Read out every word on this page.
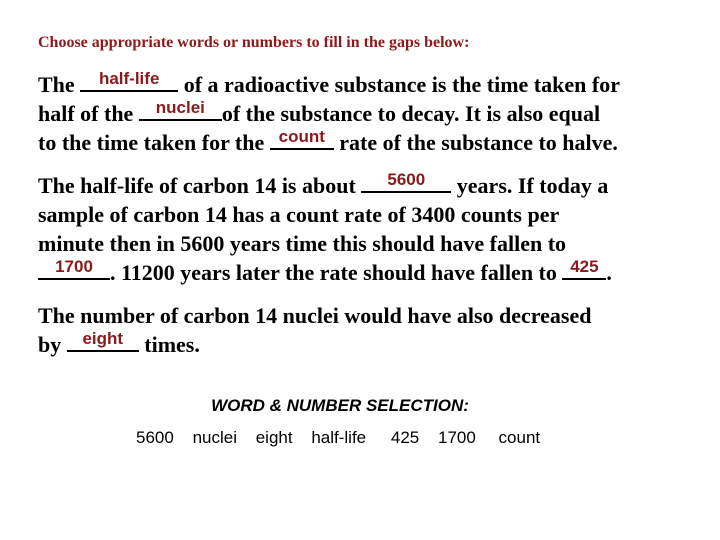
Choose appropriate words or numbers to fill in the gaps below:
The	half-life of a radioactive substance is the time taken for
half of the nuclei of the substance to decay. It is also equal
to the time taken for the count rate of the substance to halve.
The half-life of carbon 14 is about	5600	years. If today a
sample of carbon 14 has a count rate of 3400 counts per
minute then in 5600 years time this should have fallen to
1700 . 11200 years later the rate should have fallen to 425 .
The number of carbon 14 nuclei would have also decreased
by eight times.
WORD & NUMBER SELECTION:
5600 nuclei eight half-life 425 1700 count
